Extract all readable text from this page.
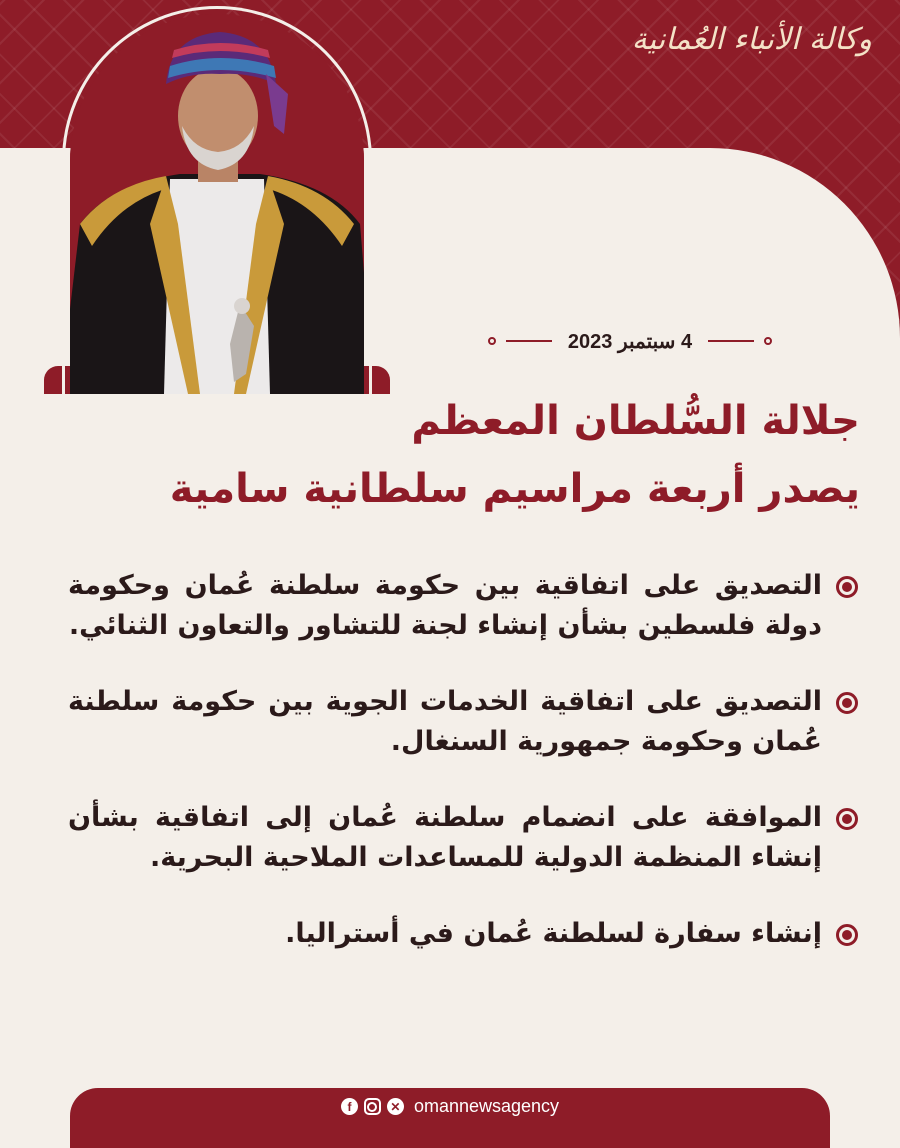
وكالة الأنباء العُمانية
4 سبتمبر 2023
جلالة السُّلطان المعظم
يصدر أربعة مراسيم سلطانية سامية
التصديق على اتفاقية بين حكومة سلطنة عُمان وحكومة دولة فلسطين بشأن إنشاء لجنة للتشاور والتعاون الثنائي.
التصديق على اتفاقية الخدمات الجوية بين حكومة سلطنة عُمان وحكومة جمهورية السنغال.
الموافقة على انضمام سلطنة عُمان إلى اتفاقية بشأن إنشاء المنظمة الدولية للمساعدات الملاحية البحرية.
إنشاء سفارة لسلطنة عُمان في أستراليا.
f	✕ omannewsagency
